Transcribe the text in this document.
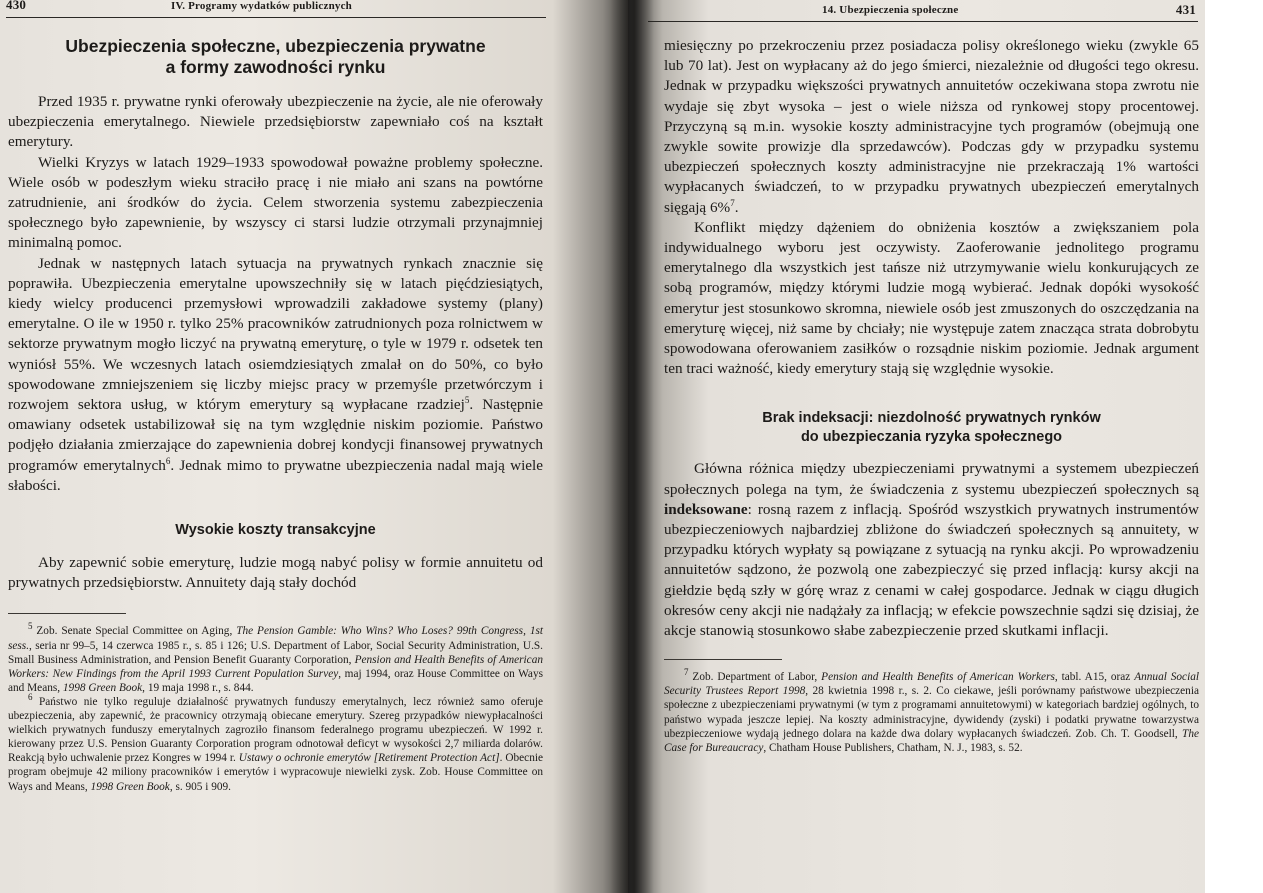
430	IV. Programy wydatków publicznych
Ubezpieczenia społeczne, ubezpieczenia prywatne
a formy zawodności rynku

Przed 1935 r. prywatne rynki oferowały ubezpieczenie na życie, ale nie oferowały ubezpieczenia emerytalnego. Niewiele przedsiębiorstw zapewniało coś na kształt emerytury.

Wielki Kryzys w latach 1929–1933 spowodował poważne problemy społeczne. Wiele osób w podeszłym wieku straciło pracę i nie miało ani szans na powtórne zatrudnienie, ani środków do życia. Celem stworzenia systemu zabezpieczenia społecznego było zapewnienie, by wszyscy ci starsi ludzie otrzymali przynajmniej minimalną pomoc.

Jednak w następnych latach sytuacja na prywatnych rynkach znacznie się poprawiła. Ubezpieczenia emerytalne upowszechniły się w latach pięćdziesiątych, kiedy wielcy producenci przemysłowi wprowadzili zakładowe systemy (plany) emerytalne. O ile w 1950 r. tylko 25% pracowników zatrudnionych poza rolnictwem w sektorze prywatnym mogło liczyć na prywatną emeryturę, o tyle w 1979 r. odsetek ten wyniósł 55%. We wczesnych latach osiemdziesiątych zmalał on do 50%, co było spowodowane zmniejszeniem się liczby miejsc pracy w przemyśle przetwórczym i rozwojem sektora usług, w którym emerytury są wypłacane rzadziej$^5$. Następnie omawiany odsetek ustabilizował się na tym względnie niskim poziomie. Państwo podjęło działania zmierzające do zapewnienia dobrej kondycji finansowej prywatnych programów emerytalnych$^6$. Jednak mimo to prywatne ubezpieczenia nadal mają wiele słabości.

Wysokie koszty transakcyjne

Aby zapewnić sobie emeryturę, ludzie mogą nabyć polisy w formie annuitetu od prywatnych przedsiębiorstw. Annuitety dają stały dochód

$^5$ Zob. Senate Special Committee on Aging, The Pension Gamble: Who Wins? Who Loses? 99th Congress, 1st sess., seria nr 99–5, 14 czerwca 1985 r., s. 85 i 126; U.S. Department of Labor, Social Security Administration, U.S. Small Business Administration, and Pension Benefit Guaranty Corporation, Pension and Health Benefits of American Workers: New Findings from the April 1993 Current Population Survey, maj 1994, oraz House Committee on Ways and Means, 1998 Green Book, 19 maja 1998 r., s. 844.

$^6$ Państwo nie tylko reguluje działalność prywatnych funduszy emerytalnych, lecz również samo oferuje ubezpieczenia, aby zapewnić, że pracownicy otrzymają obiecane emerytury. Szereg przypadków niewypłacalności wielkich prywatnych funduszy emerytalnych zagroziło finansom federalnego programu ubezpieczeń. W 1992 r. kierowany przez U.S. Pension Guaranty Corporation program odnotował deficyt w wysokości 2,7 miliarda dolarów. Reakcją było uchwalenie przez Kongres w 1994 r. Ustawy o ochronie emerytów [Retirement Protection Act]. Obecnie program obejmuje 42 miliony pracowników i emerytów i wypracowuje niewielki zysk. Zob. House Committee on Ways and Means, 1998 Green Book, s. 905 i 909.

14. Ubezpieczenia społeczne	431

miesięczny po przekroczeniu przez posiadacza polisy określonego wieku (zwykle 65 lub 70 lat). Jest on wypłacany aż do jego śmierci, niezależnie od długości tego okresu. Jednak w przypadku większości prywatnych annuitetów oczekiwana stopa zwrotu nie wydaje się zbyt wysoka – jest o wiele niższa od rynkowej stopy procentowej. Przyczyną są m.in. wysokie koszty administracyjne tych programów (obejmują one zwykle sowite prowizje dla sprzedawców). Podczas gdy w przypadku systemu ubezpieczeń społecznych koszty administracyjne nie przekraczają 1% wartości wypłacanych świadczeń, to w przypadku prywatnych ubezpieczeń emerytalnych sięgają 6%$^7$.

Konflikt między dążeniem do obniżenia kosztów a zwiększaniem pola indywidualnego wyboru jest oczywisty. Zaoferowanie jednolitego programu emerytalnego dla wszystkich jest tańsze niż utrzymywanie wielu konkurujących ze sobą programów, między którymi ludzie mogą wybierać. Jednak dopóki wysokość emerytur jest stosunkowo skromna, niewiele osób jest zmuszonych do oszczędzania na emeryturę więcej, niż same by chciały; nie występuje zatem znacząca strata dobrobytu spowodowana oferowaniem zasiłków o rozsądnie niskim poziomie. Jednak argument ten traci ważność, kiedy emerytury stają się względnie wysokie.

Brak indeksacji: niezdolność prywatnych rynków
do ubezpieczania ryzyka społecznego

Główna różnica między ubezpieczeniami prywatnymi a systemem ubezpieczeń społecznych polega na tym, że świadczenia z systemu ubezpieczeń społecznych są indeksowane: rosną razem z inflacją. Spośród wszystkich prywatnych instrumentów ubezpieczeniowych najbardziej zbliżone do świadczeń społecznych są annuitety, w przypadku których wypłaty są powiązane z sytuacją na rynku akcji. Po wprowadzeniu annuitetów sądzono, że pozwolą one zabezpieczyć się przed inflacją: kursy akcji na giełdzie będą szły w górę wraz z cenami w całej gospodarce. Jednak w ciągu długich okresów ceny akcji nie nadążały za inflacją; w efekcie powszechnie sądzi się dzisiaj, że akcje stanowią stosunkowo słabe zabezpieczenie przed skutkami inflacji.

$^7$ Zob. Department of Labor, Pension and Health Benefits of American Workers, tabl. A15, oraz Annual Social Security Trustees Report 1998, 28 kwietnia 1998 r., s. 2. Co ciekawe, jeśli porównamy państwowe ubezpieczenia społeczne z ubezpieczeniami prywatnymi (w tym z programami annuitetowymi) w kategoriach bardziej ogólnych, to państwo wypada jeszcze lepiej. Na koszty administracyjne, dywidendy (zyski) i podatki prywatne towarzystwa ubezpieczeniowe wydają jednego dolara na każde dwa dolary wypłacanych świadczeń. Zob. Ch. T. Goodsell, The Case for Bureaucracy, Chatham House Publishers, Chatham, N. J., 1983, s. 52.
